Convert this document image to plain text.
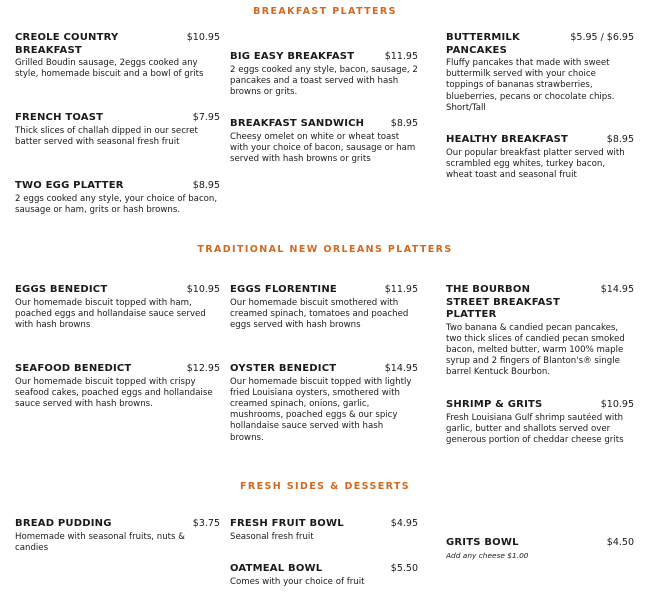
BREAKFAST PLATTERS
TRADITIONAL NEW ORLEANS PLATTERS
FRESH SIDES & DESSERTS
CREOLE COUNTRY BREAKFAST
$10.95
Grilled Boudin sausage, 2eggs cooked any style, homemade biscuit and a bowl of grits
FRENCH TOAST	$7.95
Thick slices of challah dipped in our secret batter served with seasonal fresh fruit
TWO EGG PLATTER	$8.95
2 eggs cooked any style, your choice of bacon, sausage or ham, grits or hash browns.
BIG EASY BREAKFAST	$11.95
2 eggs cooked any style, bacon, sausage, 2 pancakes and a toast served with hash browns or grits.
BREAKFAST SANDWICH	$8.95
Cheesy omelet on white or wheat toast with your choice of bacon, sausage or ham served with hash browns or grits
BUTTERMILK PANCAKES
$5.95 / $6.95
Fluffy pancakes that made with sweet buttermilk served with your choice toppings of bananas strawberries, blueberries, pecans or chocolate chips. Short/Tall
HEALTHY BREAKFAST	$8.95
Our popular breakfast platter served with scrambled egg whites, turkey bacon, wheat toast and seasonal fruit
EGGS BENEDICT	$10.95
Our homemade biscuit topped with ham, poached eggs and hollandaise sauce served with hash browns
SEAFOOD BENEDICT	$12.95
Our homemade biscuit topped with crispy seafood cakes, poached eggs and hollandaise sauce served with hash browns.
EGGS FLORENTINE	$11.95
Our homemade biscuit smothered with creamed spinach, tomatoes and poached eggs served with hash browns
OYSTER BENEDICT	$14.95
Our homemade biscuit topped with lightly fried Louisiana oysters, smothered with creamed spinach, onions, garlic, mushrooms, poached eggs & our spicy hollandaise sauce served with hash browns.
THE BOURBON STREET BREAKFAST PLATTER
$14.95
Two banana & candied pecan pancakes, two thick slices of candied pecan smoked bacon, melted butter, warm 100% maple syrup and 2 fingers of Blanton's® single barrel Kentuck Bourbon.
SHRIMP & GRITS	$10.95
Fresh Louisiana Gulf shrimp sautéed with garlic, butter and shallots served over generous portion of cheddar cheese grits
BREAD PUDDING	$3.75
Homemade with seasonal fruits, nuts & candies
FRESH FRUIT BOWL	$4.95
Seasonal fresh fruit
OATMEAL BOWL	$5.50
Comes with your choice of fruit
GRITS BOWL	$4.50
Add any cheese $1.00
